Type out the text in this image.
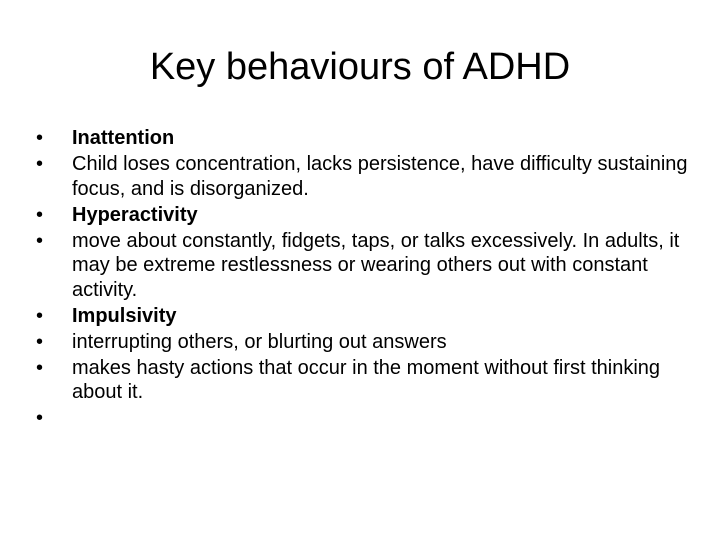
Key behaviours of ADHD
•	Inattention
•	Child loses concentration, lacks persistence, have difficulty sustaining focus, and is disorganized.
•	Hyperactivity
•	move about constantly, fidgets, taps, or talks excessively. In adults, it may be extreme restlessness or wearing others out with constant activity.
•	Impulsivity
•	interrupting others, or blurting out answers
•	makes hasty actions that occur in the moment without first thinking about it.
•
